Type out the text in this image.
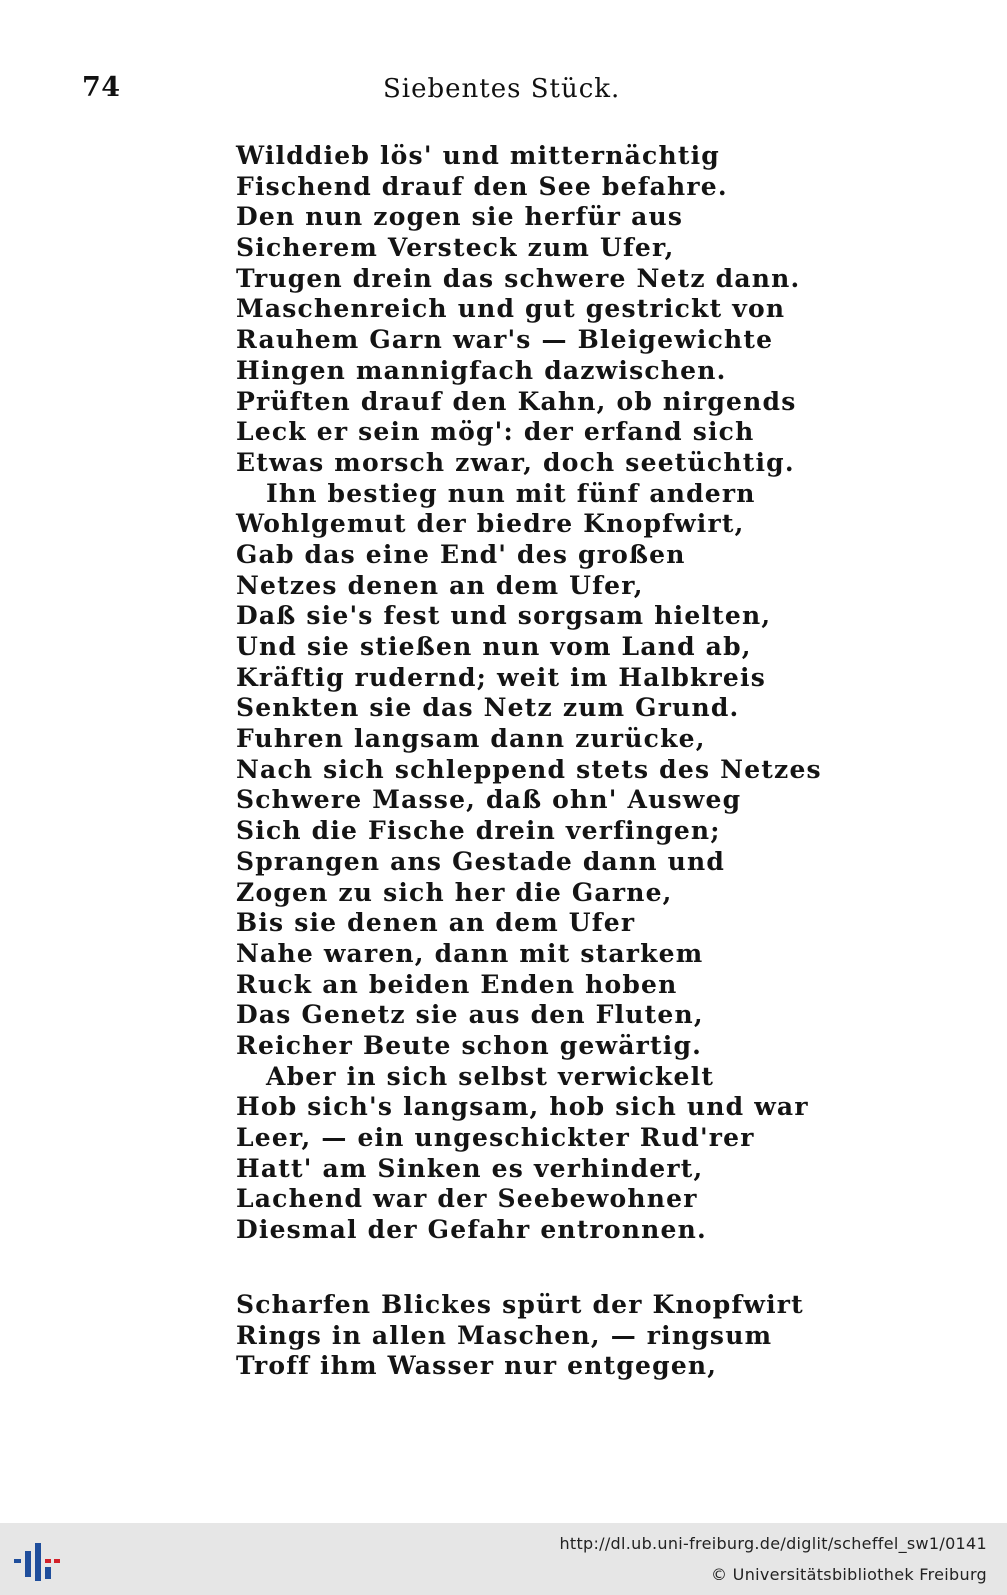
74	Siebentes Stück.
Wilddieb lös' und mitternächtig
Fischend drauf den See befahre.
Den nun zogen sie herfür aus
Sicherem Versteck zum Ufer,
Trugen drein das schwere Netz dann.
Maschenreich und gut gestrickt von
Rauhem Garn war's — Bleigewichte
Hingen mannigfach dazwischen.
Prüften drauf den Kahn, ob nirgends
Leck er sein mög': der erfand sich
Etwas morsch zwar, doch seetüchtig.
Ihn bestieg nun mit fünf andern
Wohlgemut der biedre Knopfwirt,
Gab das eine End' des großen
Netzes denen an dem Ufer,
Daß sie's fest und sorgsam hielten,
Und sie stießen nun vom Land ab,
Kräftig rudernd; weit im Halbkreis
Senkten sie das Netz zum Grund.
Fuhren langsam dann zurücke,
Nach sich schleppend stets des Netzes
Schwere Masse, daß ohn' Ausweg
Sich die Fische drein verfingen;
Sprangen ans Gestade dann und
Zogen zu sich her die Garne,
Bis sie denen an dem Ufer
Nahe waren, dann mit starkem
Ruck an beiden Enden hoben
Das Genetz sie aus den Fluten,
Reicher Beute schon gewärtig.
Aber in sich selbst verwickelt
Hob sich's langsam, hob sich und war
Leer, — ein ungeschickter Rud'rer
Hatt' am Sinken es verhindert,
Lachend war der Seebewohner
Diesmal der Gefahr entronnen.
Scharfen Blickes spürt der Knopfwirt
Rings in allen Maschen, — ringsum
Troff ihm Wasser nur entgegen,
http://dl.ub.uni-freiburg.de/diglit/scheffel_sw1/0141
© Universitätsbibliothek Freiburg
